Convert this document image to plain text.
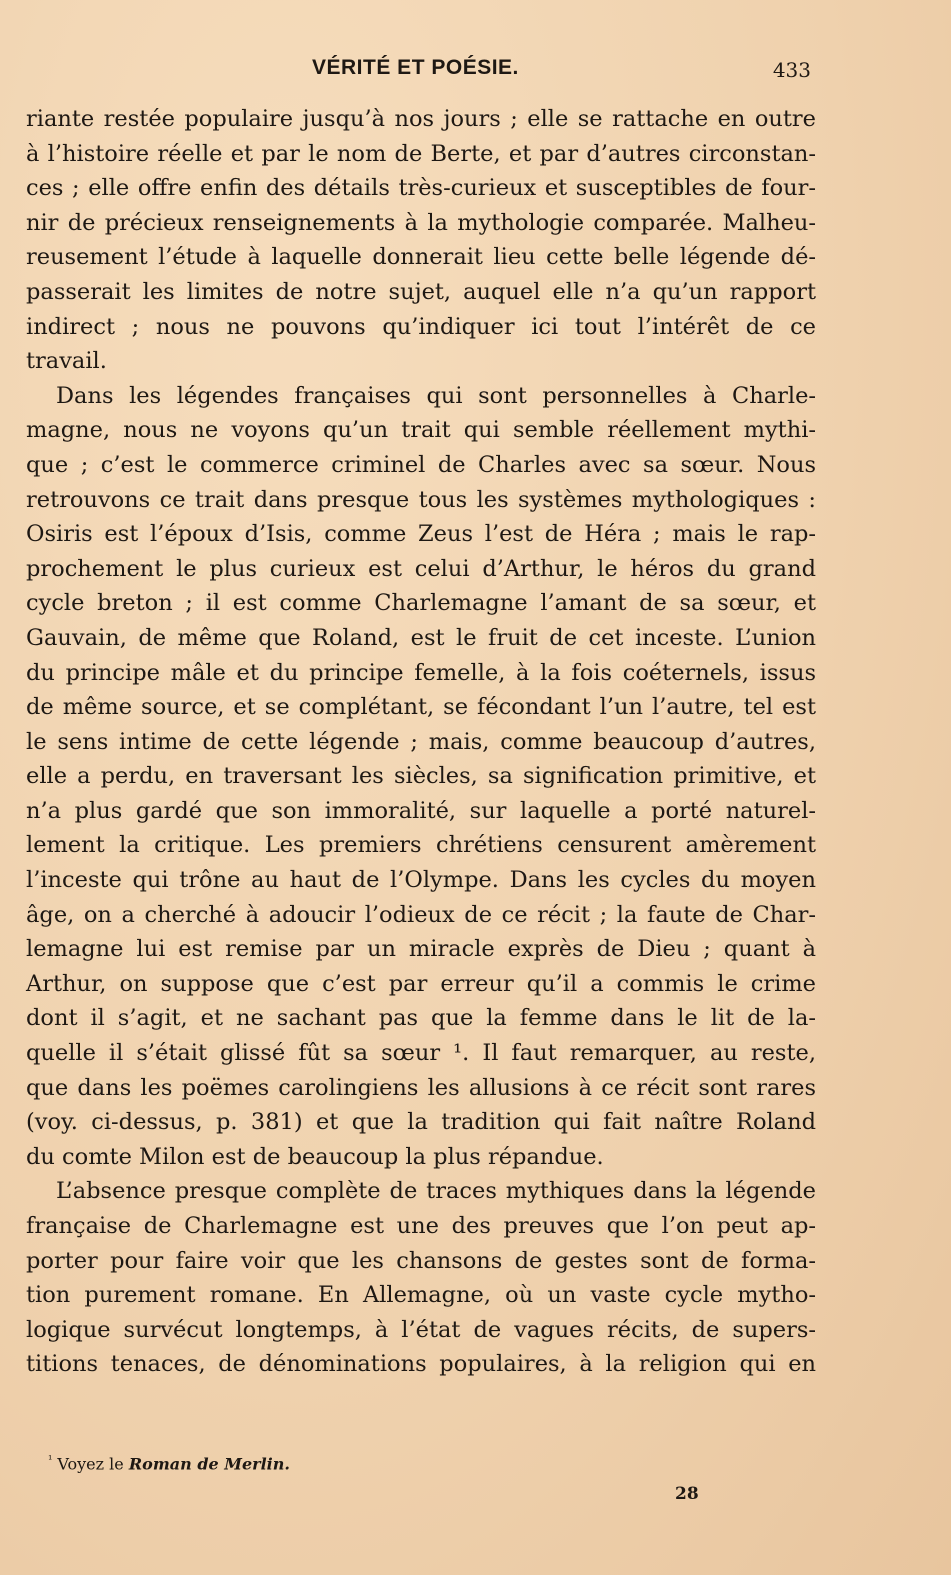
VÉRITÉ ET POÉSIE.	433
riante restée populaire jusqu’à nos jours ; elle se rattache en outre
à l’histoire réelle et par le nom de Berte, et par d’autres circonstan-
ces ; elle offre enfin des détails très-curieux et susceptibles de four-
nir de précieux renseignements à la mythologie comparée. Malheu-
reusement l’étude à laquelle donnerait lieu cette belle légende dé-
passerait les limites de notre sujet, auquel elle n’a qu’un rapport
indirect ; nous ne pouvons qu’indiquer ici tout l’intérêt de ce
travail.
Dans les légendes françaises qui sont personnelles à Charle-
magne, nous ne voyons qu’un trait qui semble réellement mythi-
que ; c’est le commerce criminel de Charles avec sa sœur. Nous
retrouvons ce trait dans presque tous les systèmes mythologiques :
Osiris est l’époux d’Isis, comme Zeus l’est de Héra ; mais le rap-
prochement le plus curieux est celui d’Arthur, le héros du grand
cycle breton ; il est comme Charlemagne l’amant de sa sœur, et
Gauvain, de même que Roland, est le fruit de cet inceste. L’union
du principe mâle et du principe femelle, à la fois coéternels, issus
de même source, et se complétant, se fécondant l’un l’autre, tel est
le sens intime de cette légende ; mais, comme beaucoup d’autres,
elle a perdu, en traversant les siècles, sa signification primitive, et
n’a plus gardé que son immoralité, sur laquelle a porté naturel-
lement la critique. Les premiers chrétiens censurent amèrement
l’inceste qui trône au haut de l’Olympe. Dans les cycles du moyen
âge, on a cherché à adoucir l’odieux de ce récit ; la faute de Char-
lemagne lui est remise par un miracle exprès de Dieu ; quant à
Arthur, on suppose que c’est par erreur qu’il a commis le crime
dont il s’agit, et ne sachant pas que la femme dans le lit de la-
quelle il s’était glissé fût sa sœur ¹. Il faut remarquer, au reste,
que dans les poëmes carolingiens les allusions à ce récit sont rares
(voy. ci-dessus, p. 381) et que la tradition qui fait naître Roland
du comte Milon est de beaucoup la plus répandue.
L’absence presque complète de traces mythiques dans la légende
française de Charlemagne est une des preuves que l’on peut ap-
porter pour faire voir que les chansons de gestes sont de forma-
tion purement romane. En Allemagne, où un vaste cycle mytho-
logique survécut longtemps, à l’état de vagues récits, de supers-
titions tenaces, de dénominations populaires, à la religion qui en
$^{^1}$ Voyez le Roman de Merlin.
28
